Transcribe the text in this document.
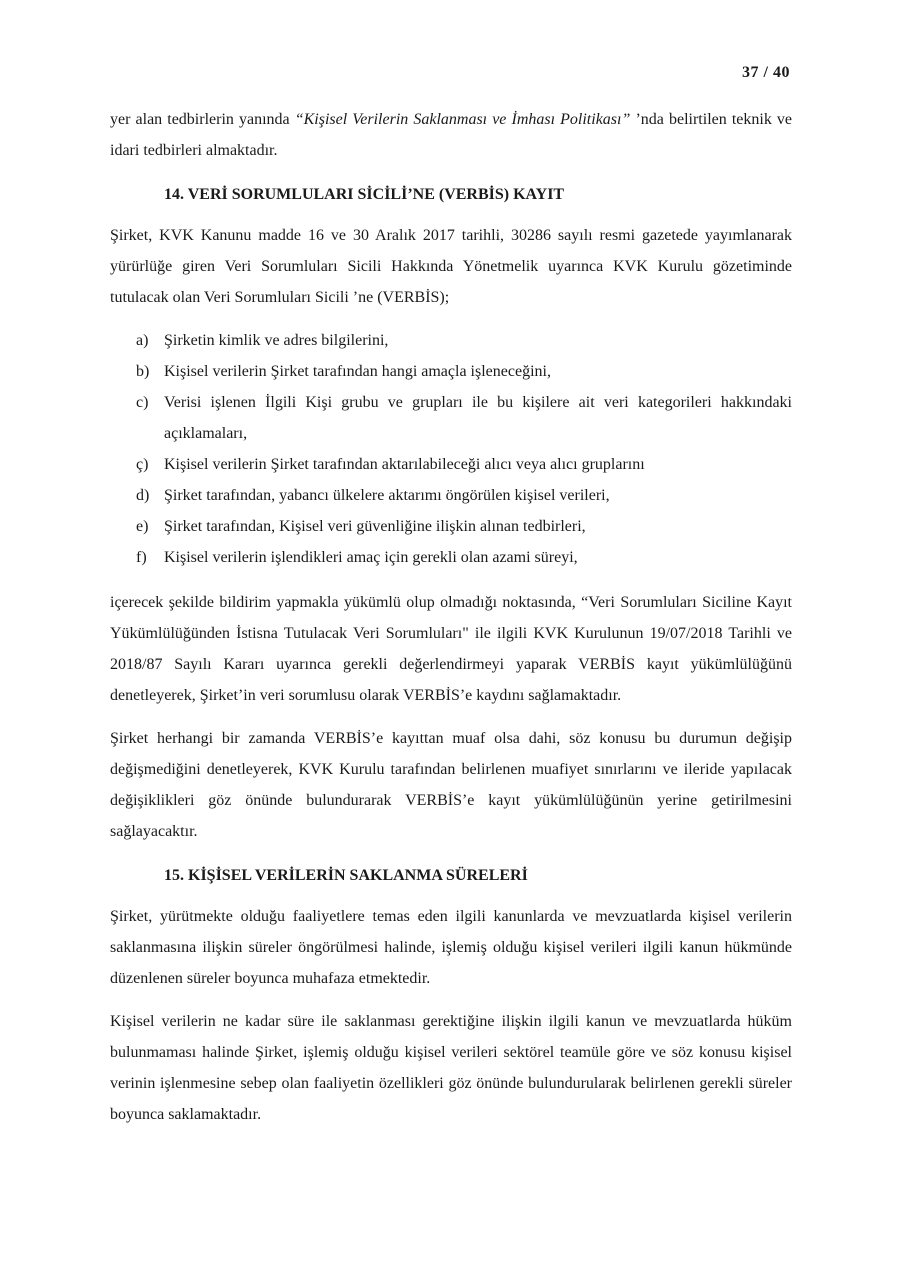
37 / 40

yer alan tedbirlerin yanında “Kişisel Verilerin Saklanması ve İmhası Politikası” ’nda belirtilen teknik ve idari tedbirleri almaktadır.

14. VERİ SORUMLULARI SİCİLİ’NE (VERBİS) KAYIT

Şirket, KVK Kanunu madde 16 ve 30 Aralık 2017 tarihli, 30286 sayılı resmi gazetede yayımlanarak yürürlüğe giren Veri Sorumluları Sicili Hakkında Yönetmelik uyarınca KVK Kurulu gözetiminde tutulacak olan Veri Sorumluları Sicili ’ne (VERBİS);

a) Şirketin kimlik ve adres bilgilerini,
b) Kişisel verilerin Şirket tarafından hangi amaçla işleneceğini,
c) Verisi işlenen İlgili Kişi grubu ve grupları ile bu kişilere ait veri kategorileri hakkındaki açıklamaları,
ç) Kişisel verilerin Şirket tarafından aktarılabileceği alıcı veya alıcı gruplarını
d) Şirket tarafından, yabancı ülkelere aktarımı öngörülen kişisel verileri,
e) Şirket tarafından, Kişisel veri güvenliğine ilişkin alınan tedbirleri,
f)	Kişisel verilerin işlendikleri amaç için gerekli olan azami süreyi,

içerecek şekilde bildirim yapmakla yükümlü olup olmadığı noktasında, “Veri Sorumluları Siciline Kayıt Yükümlülüğünden İstisna Tutulacak Veri Sorumluları" ile ilgili KVK Kurulunun 19/07/2018 Tarihli ve 2018/87 Sayılı Kararı uyarınca gerekli değerlendirmeyi yaparak VERBİS kayıt yükümlülüğünü denetleyerek, Şirket’in veri sorumlusu olarak VERBİS’e kaydını sağlamaktadır.

Şirket herhangi bir zamanda VERBİS’e kayıttan muaf olsa dahi, söz konusu bu durumun değişip değişmediğini denetleyerek, KVK Kurulu tarafından belirlenen muafiyet sınırlarını ve ileride yapılacak değişiklikleri göz önünde bulundurarak VERBİS’e kayıt yükümlülüğünün yerine getirilmesini sağlayacaktır.

15. KİŞİSEL VERİLERİN SAKLANMA SÜRELERİ

Şirket, yürütmekte olduğu faaliyetlere temas eden ilgili kanunlarda ve mevzuatlarda kişisel verilerin saklanmasına ilişkin süreler öngörülmesi halinde, işlemiş olduğu kişisel verileri ilgili kanun hükmünde düzenlenen süreler boyunca muhafaza etmektedir.

Kişisel verilerin ne kadar süre ile saklanması gerektiğine ilişkin ilgili kanun ve mevzuatlarda hüküm bulunmaması halinde Şirket, işlemiş olduğu kişisel verileri sektörel teamüle göre ve söz konusu kişisel verinin işlenmesine sebep olan faaliyetin özellikleri göz önünde bulundurularak belirlenen gerekli süreler boyunca saklamaktadır.
